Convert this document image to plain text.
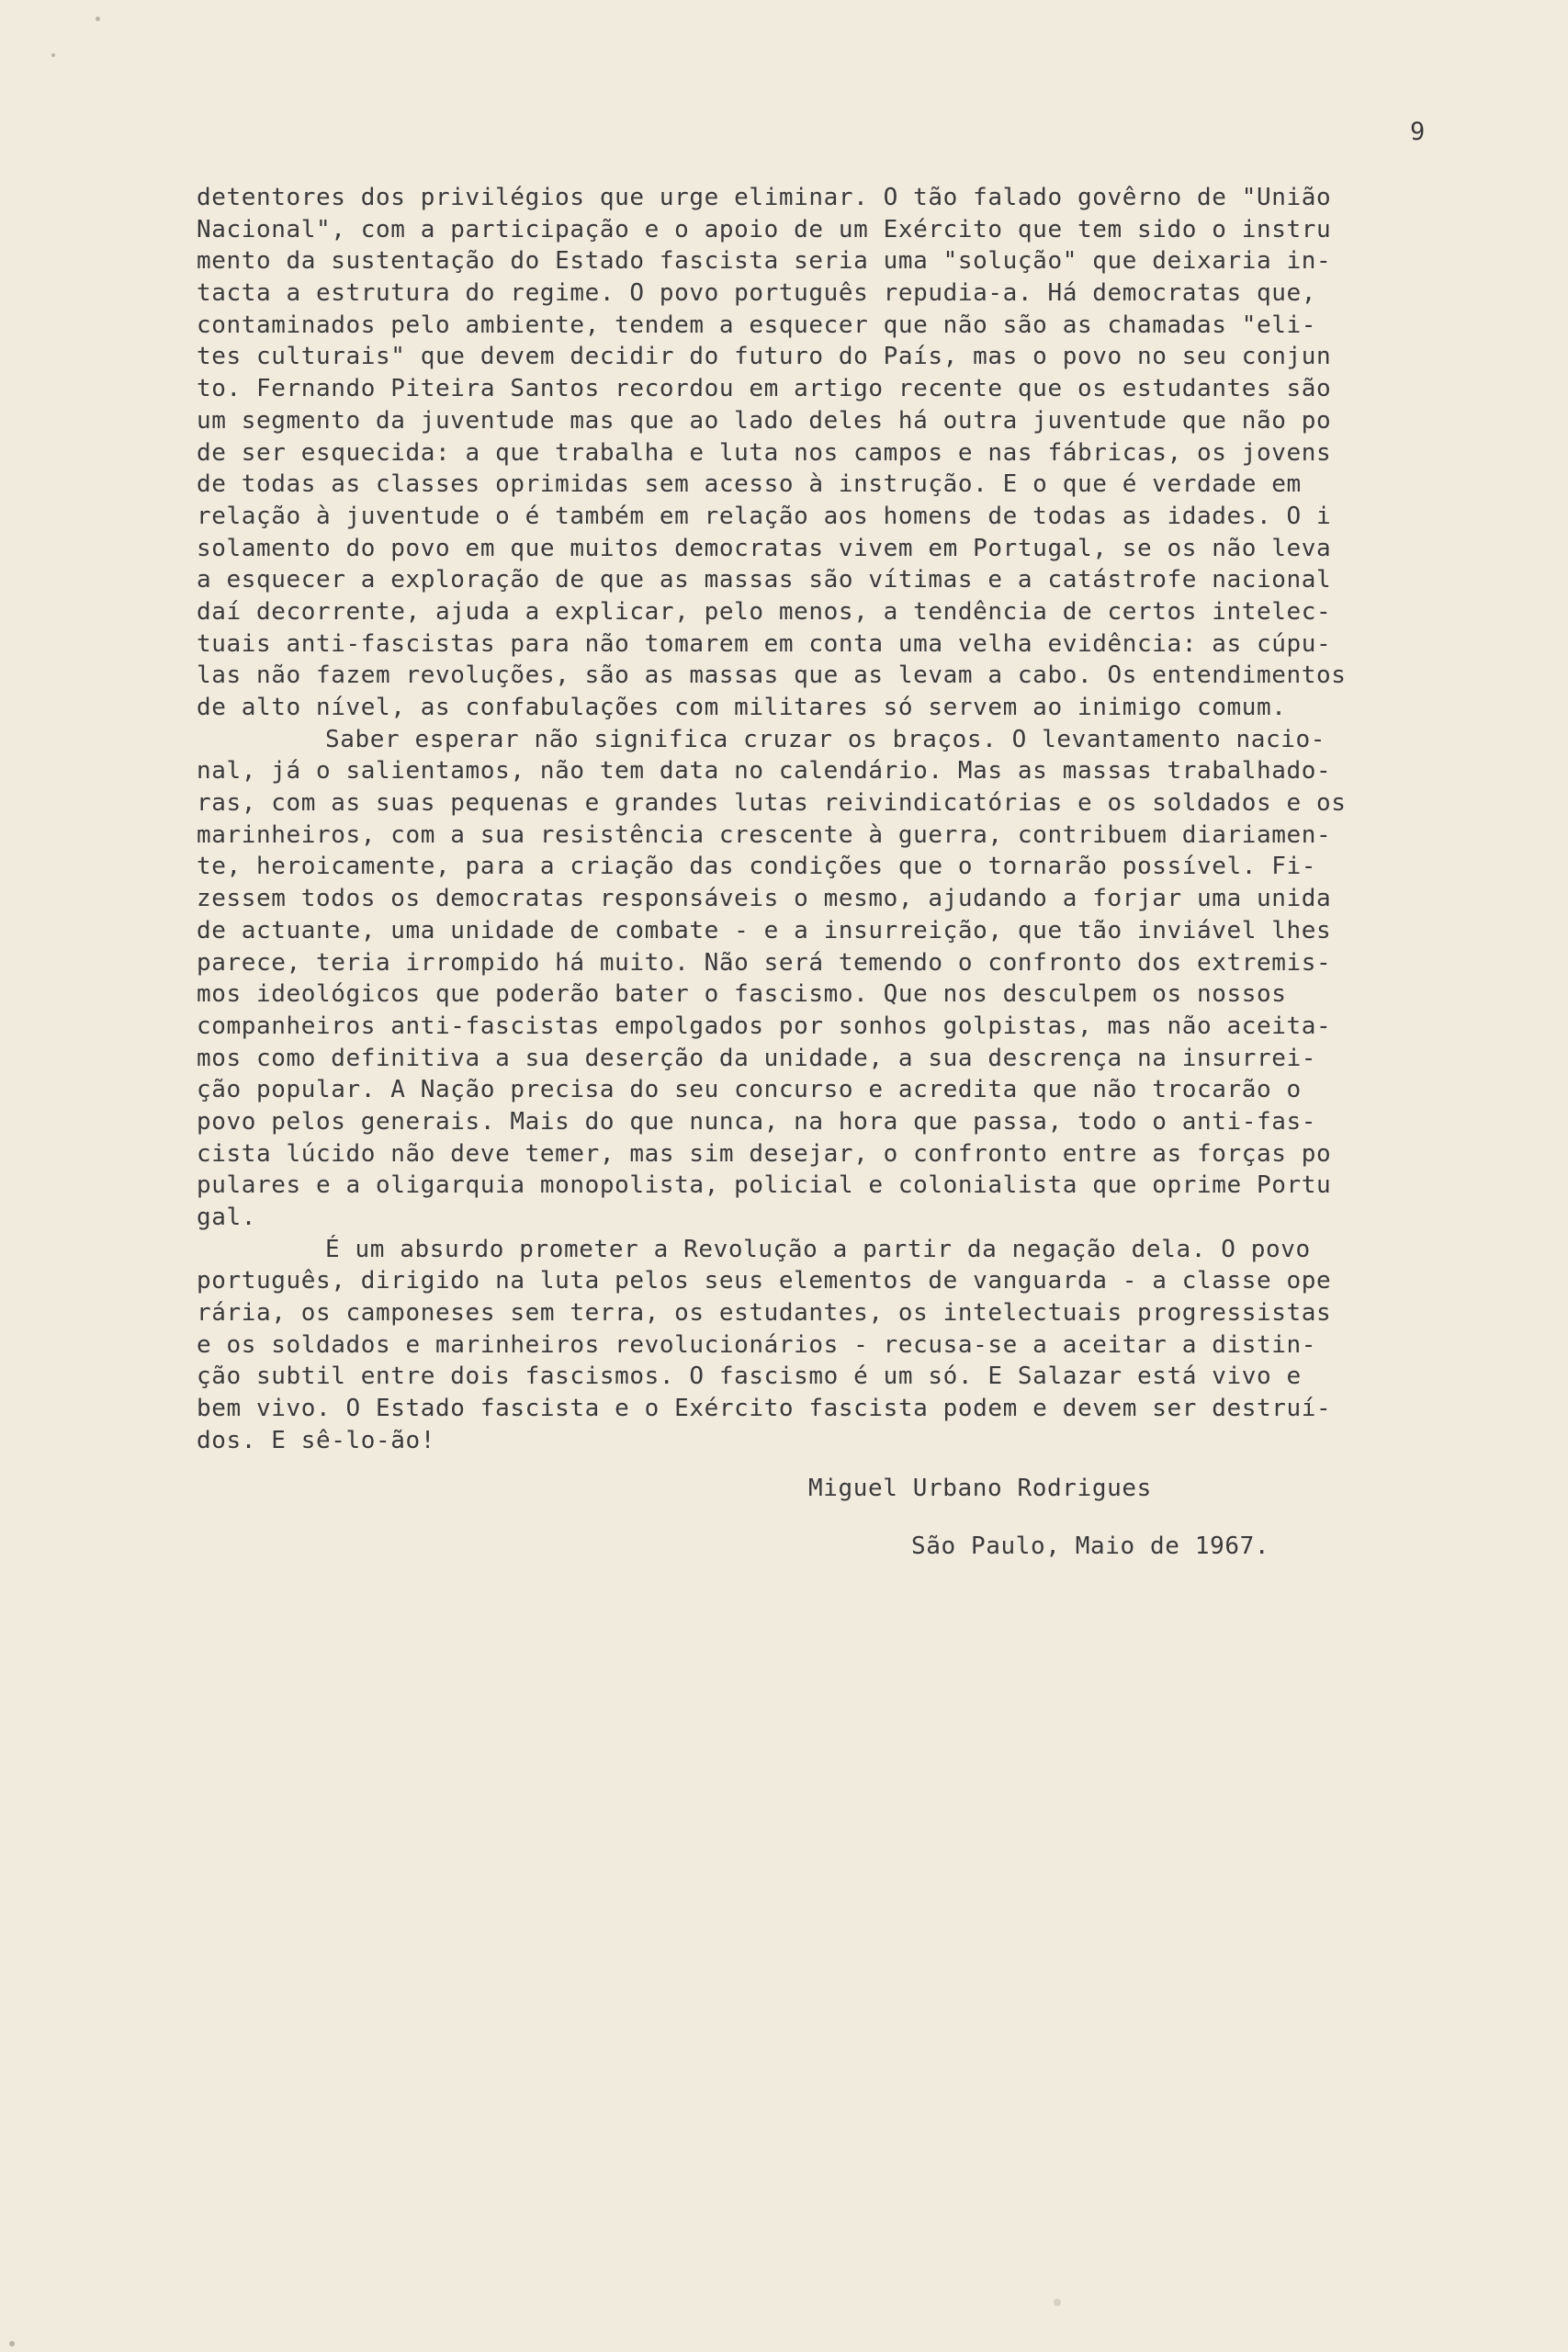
9
detentores dos privilégios que urge eliminar. O tão falado govêrno de "União
Nacional", com a participação e o apoio de um Exército que tem sido o instru
mento da sustentação do Estado fascista seria uma "solução" que deixaria in-
tacta a estrutura do regime. O povo português repudia-a. Há democratas que,
contaminados pelo ambiente, tendem a esquecer que não são as chamadas "eli-
tes culturais" que devem decidir do futuro do País, mas o povo no seu conjun
to. Fernando Piteira Santos recordou em artigo recente que os estudantes são
um segmento da juventude mas que ao lado deles há outra juventude que não po
de ser esquecida: a que trabalha e luta nos campos e nas fábricas, os jovens
de todas as classes oprimidas sem acesso à instrução. E o que é verdade em
relação à juventude o é também em relação aos homens de todas as idades. O i
solamento do povo em que muitos democratas vivem em Portugal, se os não leva
a esquecer a exploração de que as massas são vítimas e a catástrofe nacional
daí decorrente, ajuda a explicar, pelo menos, a tendência de certos intelec-
tuais anti-fascistas para não tomarem em conta uma velha evidência: as cúpu-
las não fazem revoluções, são as massas que as levam a cabo. Os entendimentos
de alto nível, as confabulações com militares só servem ao inimigo comum.
Saber esperar não significa cruzar os braços. O levantamento nacio-
nal, já o salientamos, não tem data no calendário. Mas as massas trabalhado-
ras, com as suas pequenas e grandes lutas reivindicatórias e os soldados e os
marinheiros, com a sua resistência crescente à guerra, contribuem diariamen-
te, heroicamente, para a criação das condições que o tornarão possível. Fi-
zessem todos os democratas responsáveis o mesmo, ajudando a forjar uma unida
de actuante, uma unidade de combate - e a insurreição, que tão inviável lhes
parece, teria irrompido há muito. Não será temendo o confronto dos extremis-
mos ideológicos que poderão bater o fascismo. Que nos desculpem os nossos
companheiros anti-fascistas empolgados por sonhos golpistas, mas não aceita-
mos como definitiva a sua deserção da unidade, a sua descrença na insurrei-
ção popular. A Nação precisa do seu concurso e acredita que não trocarão o
povo pelos generais. Mais do que nunca, na hora que passa, todo o anti-fas-
cista lúcido não deve temer, mas sim desejar, o confronto entre as forças po
pulares e a oligarquia monopolista, policial e colonialista que oprime Portu
gal.
É um absurdo prometer a Revolução a partir da negação dela. O povo
português, dirigido na luta pelos seus elementos de vanguarda - a classe ope
rária, os camponeses sem terra, os estudantes, os intelectuais progressistas
e os soldados e marinheiros revolucionários - recusa-se a aceitar a distin-
ção subtil entre dois fascismos. O fascismo é um só. E Salazar está vivo e
bem vivo. O Estado fascista e o Exército fascista podem e devem ser destruí-
dos. E sê-lo-ão!
Miguel Urbano Rodrigues
São Paulo, Maio de 1967.
